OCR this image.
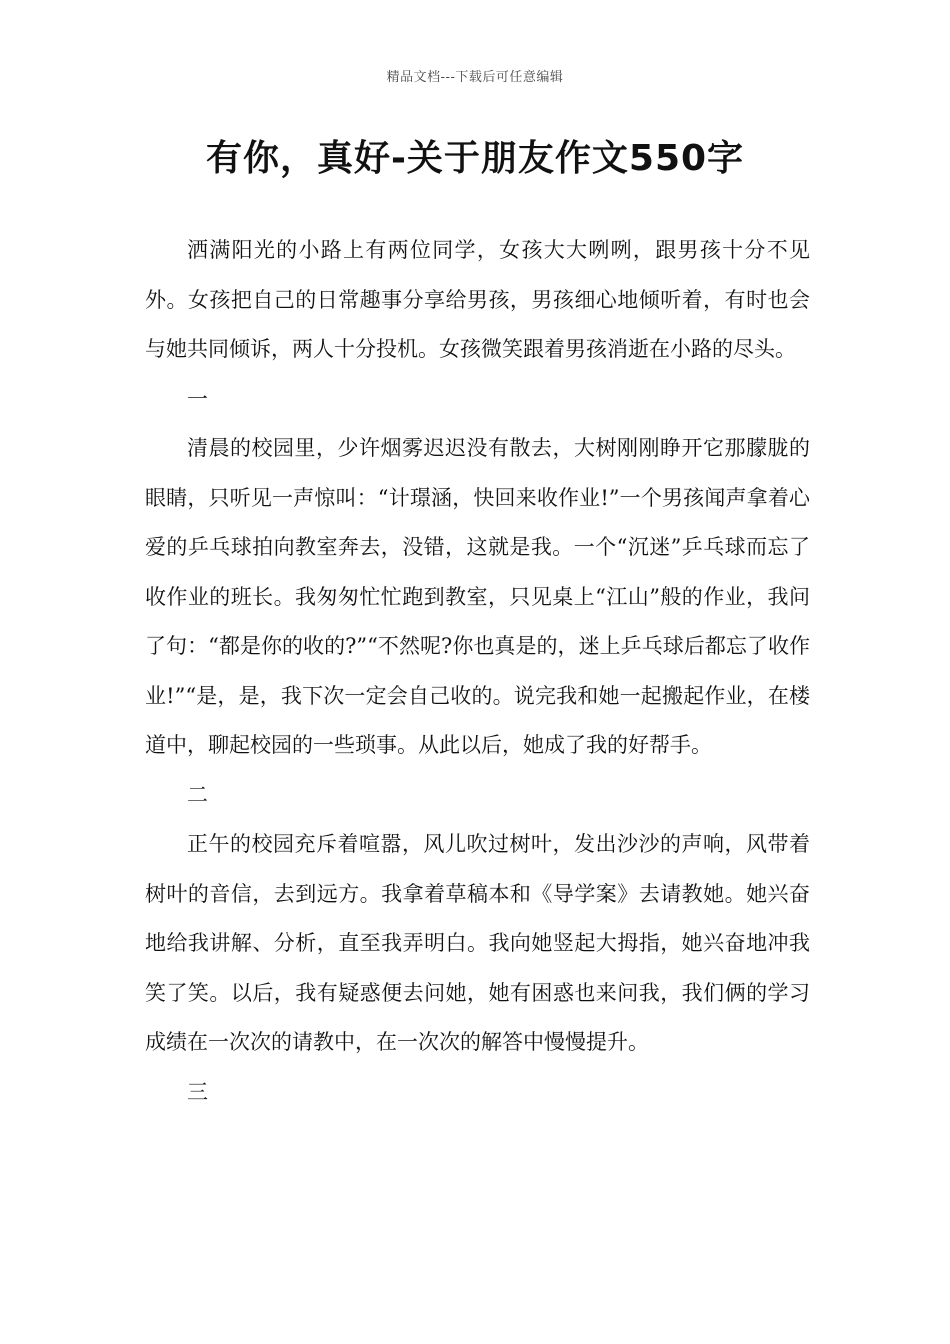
精品文档---下载后可任意编辑
有你，真好-关于朋友作文550字

洒满阳光的小路上有两位同学，女孩大大咧咧，跟男孩十分不见外。女孩把自己的日常趣事分享给男孩，男孩细心地倾听着，有时也会与她共同倾诉，两人十分投机。女孩微笑跟着男孩消逝在小路的尽头。

一

清晨的校园里，少许烟雾迟迟没有散去，大树刚刚睁开它那朦胧的眼睛，只听见一声惊叫：“计璟涵，快回来收作业!”一个男孩闻声拿着心爱的乒乓球拍向教室奔去，没错，这就是我。一个“沉迷”乒乓球而忘了收作业的班长。我匆匆忙忙跑到教室，只见桌上“江山”般的作业，我问了句：“都是你的收的?”“不然呢?你也真是的，迷上乒乓球后都忘了收作业!”“是，是，我下次一定会自己收的。说完我和她一起搬起作业，在楼道中，聊起校园的一些琐事。从此以后，她成了我的好帮手。

二

正午的校园充斥着喧嚣，风儿吹过树叶，发出沙沙的声响，风带着树叶的音信，去到远方。我拿着草稿本和《导学案》去请教她。她兴奋地给我讲解、分析，直至我弄明白。我向她竖起大拇指，她兴奋地冲我笑了笑。以后，我有疑惑便去问她，她有困惑也来问我，我们俩的学习成绩在一次次的请教中，在一次次的解答中慢慢提升。

三
